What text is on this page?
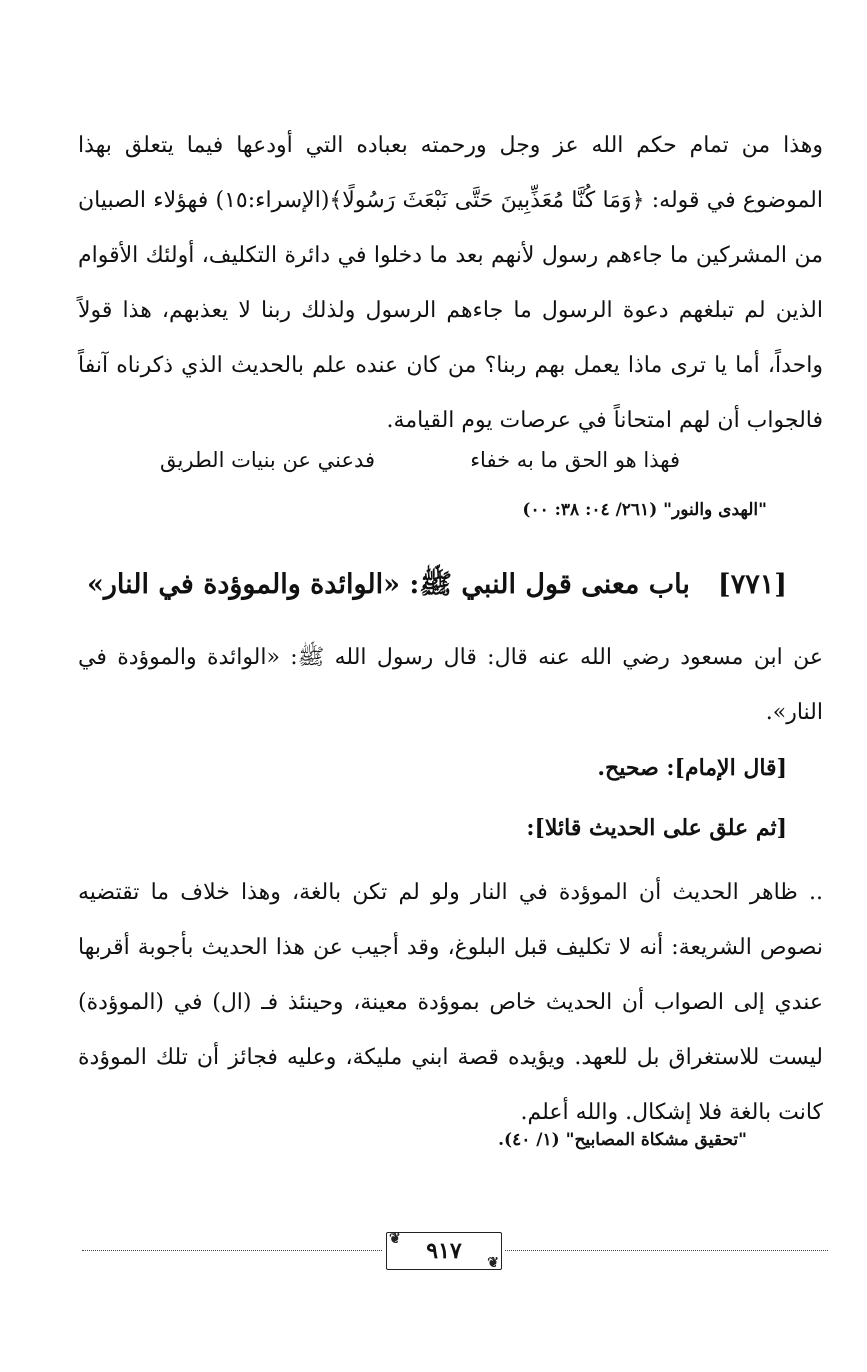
وهذا من تمام حكم الله عز وجل ورحمته بعباده التي أودعها فيما يتعلق بهذا الموضوع في قوله: ﴿وَمَا كُنَّا مُعَذِّبِينَ حَتَّى نَبْعَثَ رَسُولًا﴾(الإسراء:١٥) فهؤلاء الصبيان من المشركين ما جاءهم رسول لأنهم بعد ما دخلوا في دائرة التكليف، أولئك الأقوام الذين لم تبلغهم دعوة الرسول ما جاءهم الرسول ولذلك ربنا لا يعذبهم، هذا قولاً واحداً، أما يا ترى ماذا يعمل بهم ربنا؟ من كان عنده علم بالحديث الذي ذكرناه آنفاً فالجواب أن لهم امتحاناً في عرصات يوم القيامة.

فهذا هو الحق ما به خفاء
فدعني عن بنيات الطريق
"الهدى والنور" (٢٦١/ ٠٤: ٣٨: ٠٠)
[٧٧١]
باب معنى قول النبي ﷺ: «الوائدة والموؤدة في النار»

عن ابن مسعود رضي الله عنه قال: قال رسول الله ﷺ: «الوائدة والموؤدة في النار».

[قال الإمام]: صحيح.
[ثم علق على الحديث قائلا]:

.. ظاهر الحديث أن الموؤدة في النار ولو لم تكن بالغة، وهذا خلاف ما تقتضيه نصوص الشريعة: أنه لا تكليف قبل البلوغ، وقد أجيب عن هذا الحديث بأجوبة أقربها عندي إلى الصواب أن الحديث خاص بموؤدة معينة، وحينئذ فـ (ال) في (الموؤدة) ليست للاستغراق بل للعهد. ويؤيده قصة ابني مليكة، وعليه فجائز أن تلك الموؤدة كانت بالغة فلا إشكال. والله أعلم.

"تحقيق مشكاة المصابيح" (١/ ٤٠).
❦ ٩١٧ ❦
